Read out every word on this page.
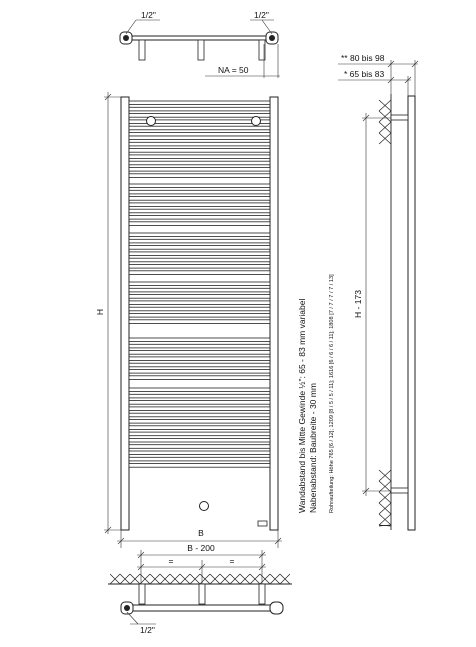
1/2"	1/2"
NA = 50
H
B
B - 200
=	=
1/2"
** 80 bis 98
* 65 bis 83
H - 173
Wandabstand bis Mitte Gewinde ½": 65 - 83 mm variabel Nabenabstand: Baubreite - 30 mm Rohraufteilung: Höhe 765 [6 / 12]; 1209 [8 / 5 / 5 / 11]; 1616 [6 / 6 / 6 / 11]; 1808 [7 / 7 / 7 / 7 / 13]
